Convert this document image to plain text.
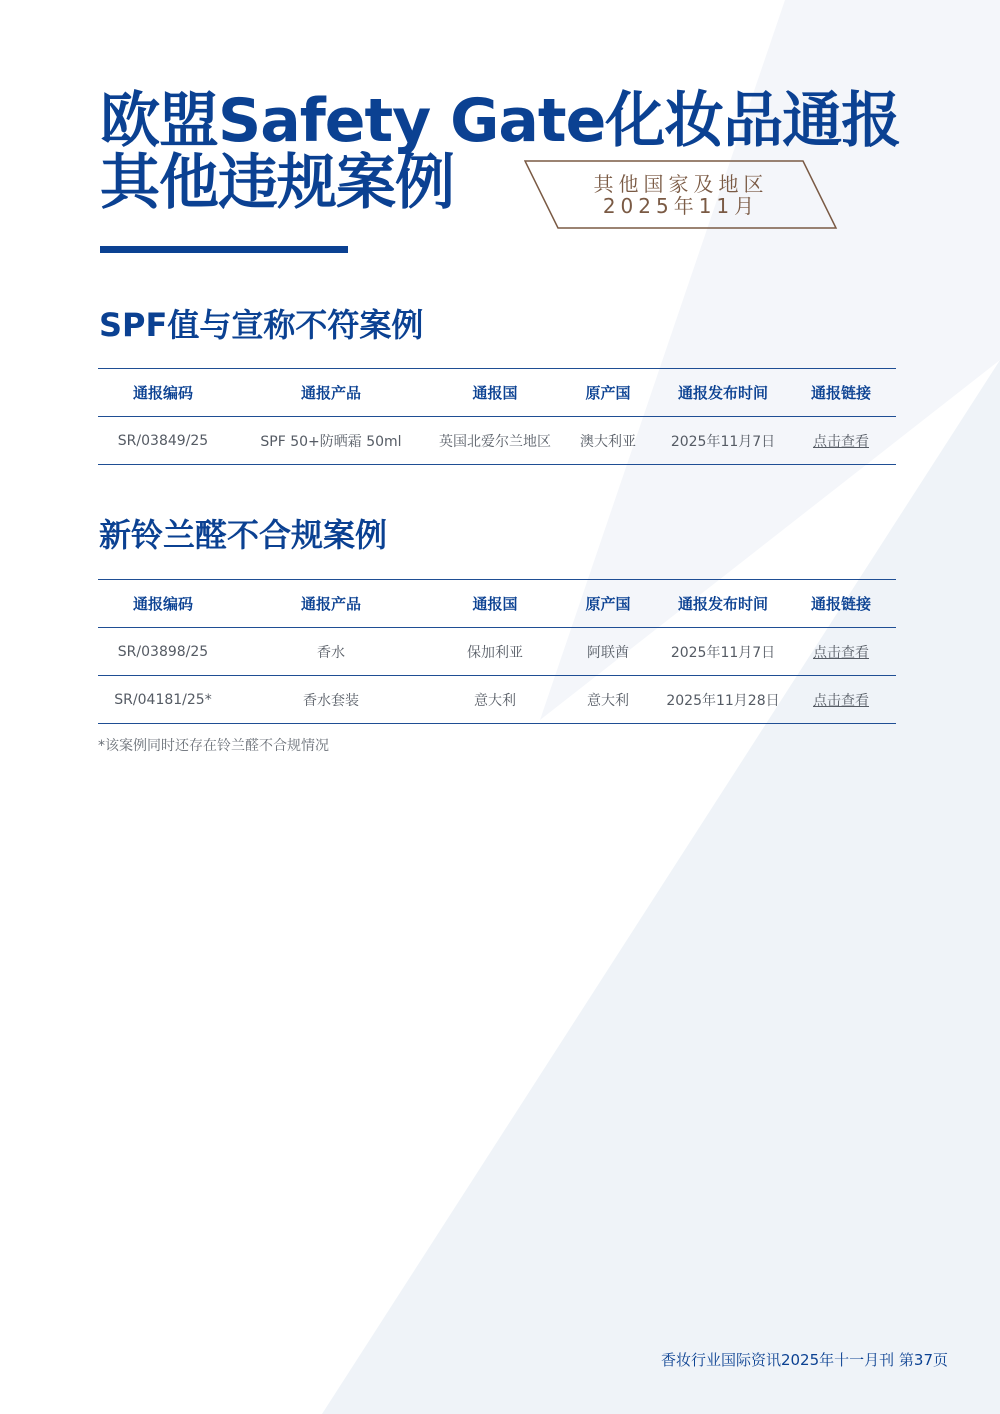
欧盟Safety Gate化妆品通报
其他违规案例	其他国家及地区
2025年11月
SPF值与宣称不符案例
通报编码	通报产品	通报国	原产国	通报发布时间	通报链接
SR/03849/25	SPF 50+防晒霜 50ml	英国北爱尔兰地区	澳大利亚	2025年11月7日	点击查看
新铃兰醛不合规案例
通报编码	通报产品	通报国	原产国	通报发布时间	通报链接
SR/03898/25	香水	保加利亚	阿联酋	2025年11月7日	点击查看
SR/04181/25*	香水套装	意大利	意大利	2025年11月28日	点击查看

*该案例同时还存在铃兰醛不合规情况

香妆行业国际资讯2025年十一月刊 第37页
